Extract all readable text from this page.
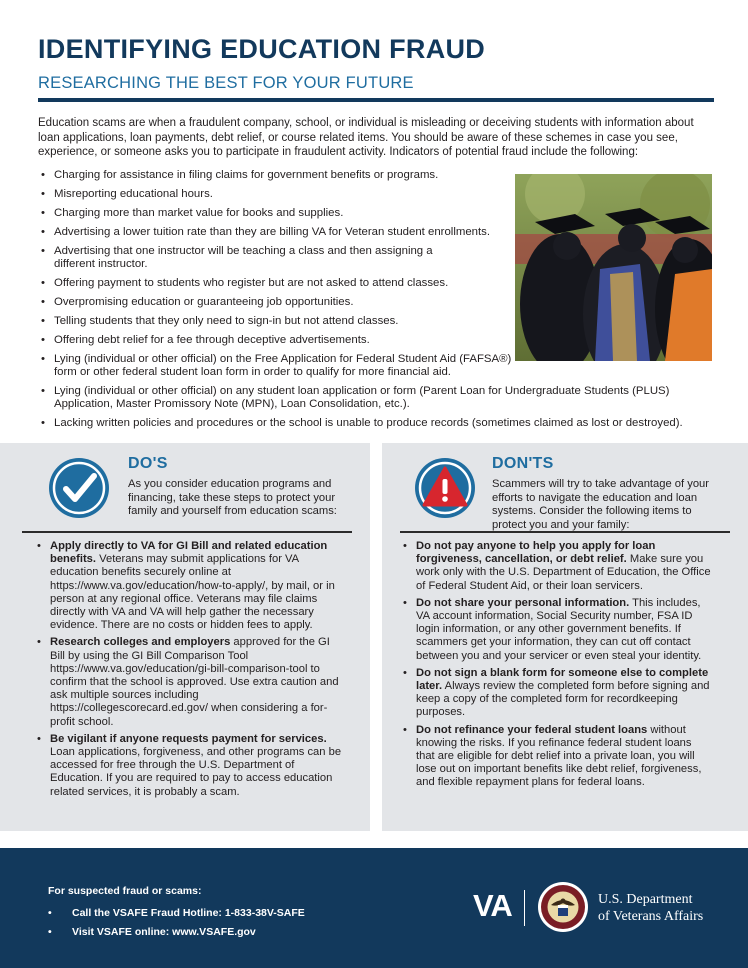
IDENTIFYING EDUCATION FRAUD
RESEARCHING THE BEST FOR YOUR FUTURE

Education scams are when a fraudulent company, school, or individual is misleading or deceiving students with information about loan applications, loan payments, debt relief, or course related items. You should be aware of these schemes in case you see, experience, or someone asks you to participate in fraudulent activity. Indicators of potential fraud include the following:

• Charging for assistance in filing claims for government benefits or programs.
• Misreporting educational hours.
• Charging more than market value for books and supplies.
• Advertising a lower tuition rate than they are billing VA for Veteran student enrollments.
• Advertising that one instructor will be teaching a class and then assigning a different instructor.
• Offering payment to students who register but are not asked to attend classes.
• Overpromising education or guaranteeing job opportunities.
• Telling students that they only need to sign-in but not attend classes.
• Offering debt relief for a fee through deceptive advertisements.
• Lying (individual or other official) on the Free Application for Federal Student Aid (FAFSA®) form or other federal student loan form in order to qualify for more financial aid.
• Lying (individual or other official) on any student loan application or form (Parent Loan for Undergraduate Students (PLUS) Application, Master Promissory Note (MPN), Loan Consolidation, etc.).
• Lacking written policies and procedures or the school is unable to produce records (sometimes claimed as lost or destroyed).
DO'S
As you consider education programs and financing, take these steps to protect your family and yourself from education scams:
• Apply directly to VA for GI Bill and related education benefits. Veterans may submit applications for VA education benefits securely online at https://www.va.gov/education/how-to-apply/, by mail, or in person at any regional office. Veterans may file claims directly with VA and VA will help gather the necessary evidence. There are no costs or hidden fees to apply.
• Research colleges and employers approved for the GI Bill by using the GI Bill Comparison Tool https://www.va.gov/education/gi-bill-comparison-tool to confirm that the school is approved. Use extra caution and ask multiple sources including https://collegescorecard.ed.gov/ when considering a for-profit school.
• Be vigilant if anyone requests payment for services. Loan applications, forgiveness, and other programs can be accessed for free through the U.S. Department of Education. If you are required to pay to access education related services, it is probably a scam.
DON'TS
Scammers will try to take advantage of your efforts to navigate the education and loan systems. Consider the following items to protect you and your family:
• Do not pay anyone to help you apply for loan forgiveness, cancellation, or debt relief. Make sure you work only with the U.S. Department of Education, the Office of Federal Student Aid, or their loan servicers.
• Do not share your personal information. This includes, VA account information, Social Security number, FSA ID login information, or any other government benefits. If scammers get your information, they can cut off contact between you and your servicer or even steal your identity.
• Do not sign a blank form for someone else to complete later. Always review the completed form before signing and keep a copy of the completed form for recordkeeping purposes.
• Do not refinance your federal student loans without knowing the risks. If you refinance federal student loans that are eligible for debt relief into a private loan, you will lose out on important benefits like debt relief, forgiveness, and flexible repayment plans for federal loans.
For suspected fraud or scams:
• Call the VSAFE Fraud Hotline: 1-833-38V-SAFE
• Visit VSAFE online: www.VSAFE.gov
VA	U.S. Department
of Veterans Affairs
